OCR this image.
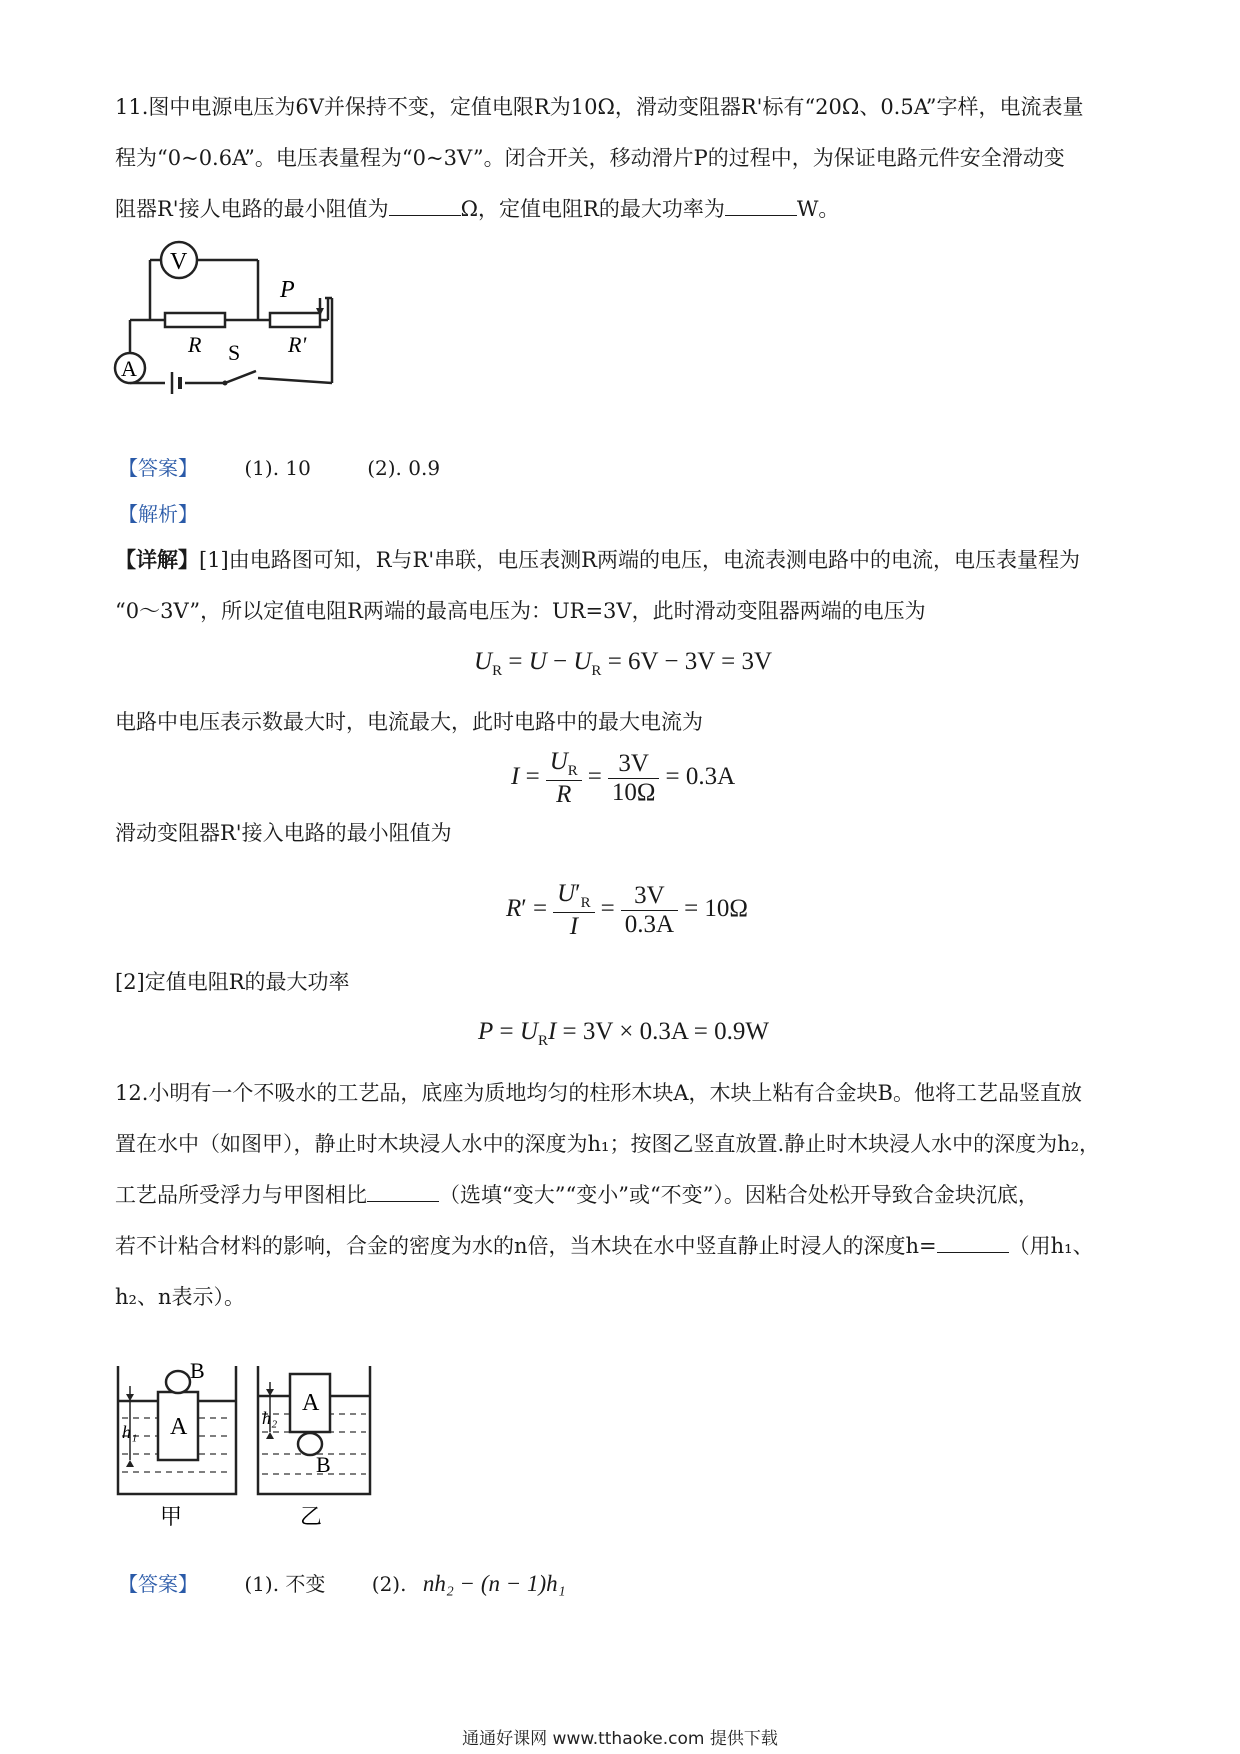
11.图中电源电压为6V并保持不变，定值电限R为10Ω，滑动变阻器R'标有“20Ω、0.5A”字样，电流表量
程为“0~0.6A”。电压表量程为“0~3V”。闭合开关，移动滑片P的过程中，为保证电路元件安全滑动变
阻器R'接人电路的最小阻值为	Ω，定值电阻R的最大功率为	W。

V
R
P
R'
A
S
【答案】 (1). 10	(2). 0.9
【解析】

【详解】[1]由电路图可知，R与R'串联，电压表测R两端的电压，电流表测电路中的电流，电压表量程为
“0～3V”，所以定值电阻R两端的最高电压为：UR=3V，此时滑动变阻器两端的电压为

$U_R = U - U_R = 6V - 3V = 3V$

电路中电压表示数最大时，电流最大，此时电路中的最大电流为

$I = \frac{U_R}{R} = \frac{3V}{10\Omega} = 0.3A$

滑动变阻器R'接入电路的最小阻值为

$R' = \frac{U'_R}{I} = \frac{3V}{0.3A} = 10\Omega$

[2]定值电阻R的最大功率

$P = U_RI = 3V \times 0.3A = 0.9W$

12.小明有一个不吸水的工艺品，底座为质地均匀的柱形木块A，木块上粘有合金块B。他将工艺品竖直放
置在水中（如图甲），静止时木块浸人水中的深度为h₁；按图乙竖直放置.静止时木块浸人水中的深度为h₂，
工艺品所受浮力与甲图相比	（选填“变大”“变小”或“不变”）。因粘合处松开导致合金块沉底，
若不计粘合材料的影响，合金的密度为水的n倍，当木块在水中竖直静止时浸人的深度h=	（用h₁、
h₂、n表示）。

A
B
h₁
甲
A
B
h₂
乙
【答案】 (1). 不变 (2). nh₂ − (n − 1)h₁
通通好课网 www.tthaoke.com 提供下载
